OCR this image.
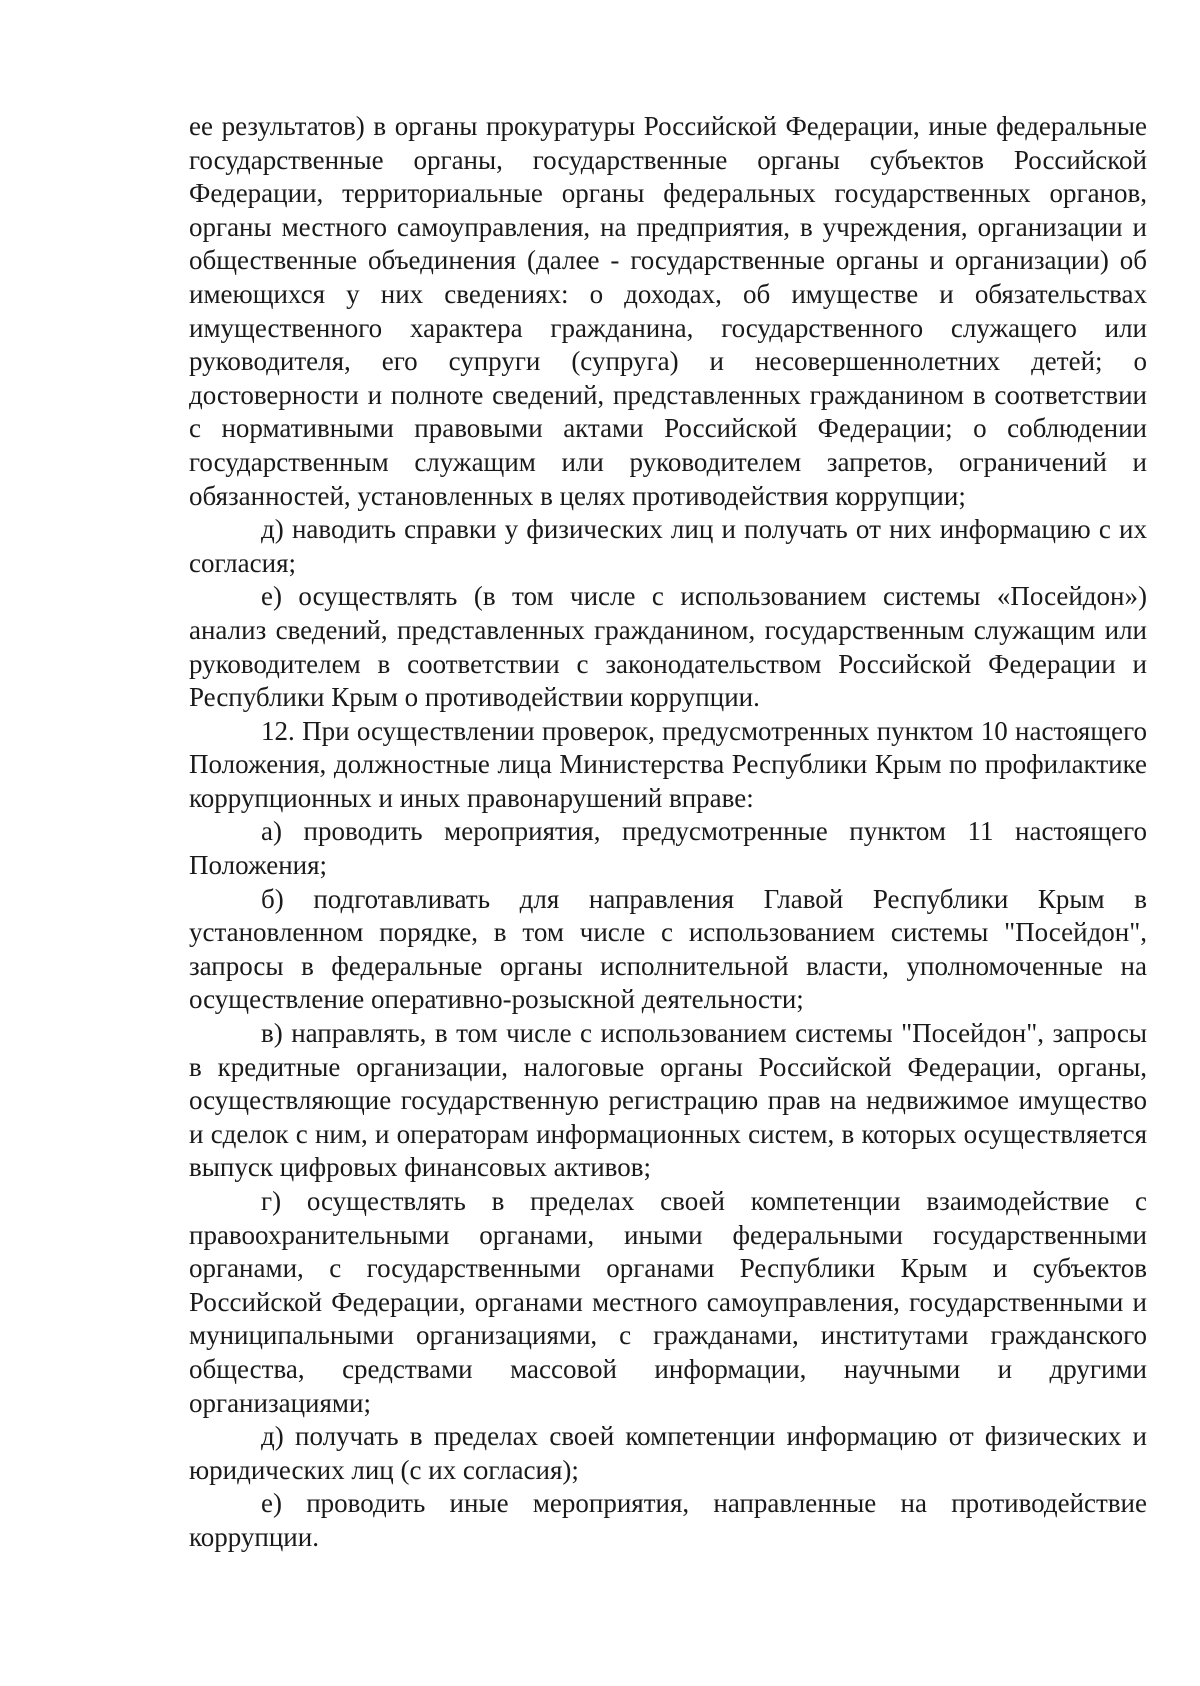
ее результатов) в органы прокуратуры Российской Федерации, иные федеральные государственные органы, государственные органы субъектов Российской Федерации, территориальные органы федеральных государственных органов, органы местного самоуправления, на предприятия, в учреждения, организации и общественные объединения (далее - государственные органы и организации) об имеющихся у них сведениях: о доходах, об имуществе и обязательствах имущественного характера гражданина, государственного служащего или руководителя, его супруги (супруга) и несовершеннолетних детей; о достоверности и полноте сведений, представленных гражданином в соответствии с нормативными правовыми актами Российской Федерации; о соблюдении государственным служащим или руководителем запретов, ограничений и обязанностей, установленных в целях противодействия коррупции;

д) наводить справки у физических лиц и получать от них информацию с их согласия;

е) осуществлять (в том числе с использованием системы «Посейдон») анализ сведений, представленных гражданином, государственным служащим или руководителем в соответствии с законодательством Российской Федерации и Республики Крым о противодействии коррупции.

12. При осуществлении проверок, предусмотренных пунктом 10 настоящего Положения, должностные лица Министерства Республики Крым по профилактике коррупционных и иных правонарушений вправе:

а) проводить мероприятия, предусмотренные пунктом 11 настоящего Положения;

б) подготавливать для направления Главой Республики Крым в установленном порядке, в том числе с использованием системы "Посейдон", запросы в федеральные органы исполнительной власти, уполномоченные на осуществление оперативно-розыскной деятельности;

в) направлять, в том числе с использованием системы "Посейдон", запросы в кредитные организации, налоговые органы Российской Федерации, органы, осуществляющие государственную регистрацию прав на недвижимое имущество и сделок с ним, и операторам информационных систем, в которых осуществляется выпуск цифровых финансовых активов;

г) осуществлять в пределах своей компетенции взаимодействие с правоохранительными органами, иными федеральными государственными органами, с государственными органами Республики Крым и субъектов Российской Федерации, органами местного самоуправления, государственными и муниципальными организациями, с гражданами, институтами гражданского общества, средствами массовой информации, научными и другими организациями;

д) получать в пределах своей компетенции информацию от физических и юридических лиц (с их согласия);

е) проводить иные мероприятия, направленные на противодействие коррупции.
